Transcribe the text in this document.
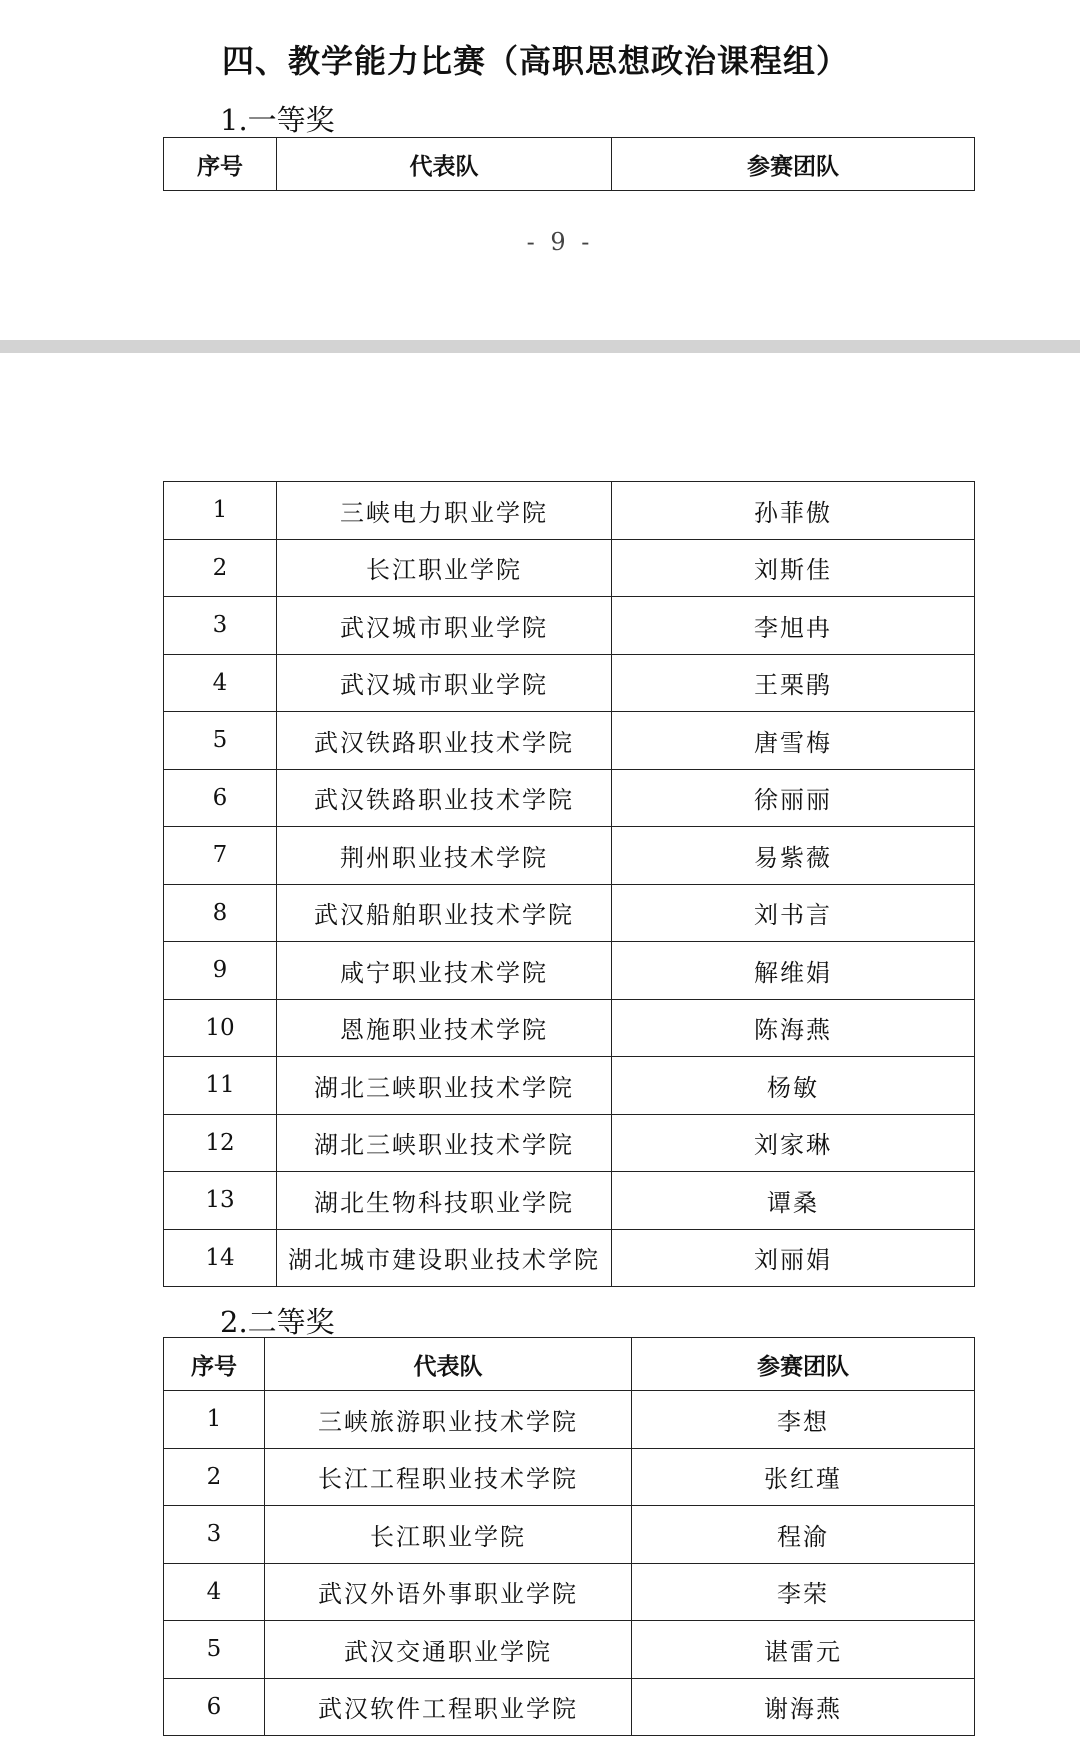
四、教学能力比赛（高职思想政治课程组）
1.一等奖
序号	代表队	参赛团队
- 9 -
1	三峡电力职业学院	孙菲傲
2	长江职业学院	刘斯佳
3	武汉城市职业学院	李旭冉
4	武汉城市职业学院	王栗鹃
5	武汉铁路职业技术学院	唐雪梅
6	武汉铁路职业技术学院	徐丽丽
7	荆州职业技术学院	易紫薇
8	武汉船舶职业技术学院	刘书言
9	咸宁职业技术学院	解维娟
10	恩施职业技术学院	陈海燕
11	湖北三峡职业技术学院	杨敏
12	湖北三峡职业技术学院	刘家琳
13	湖北生物科技职业学院	谭桑
14	湖北城市建设职业技术学院	刘丽娟
2.二等奖
序号	代表队	参赛团队
1	三峡旅游职业技术学院	李想
2	长江工程职业技术学院	张红瑾
3	长江职业学院	程渝
4	武汉外语外事职业学院	李荣
5	武汉交通职业学院	谌雷元
6	武汉软件工程职业学院	谢海燕
